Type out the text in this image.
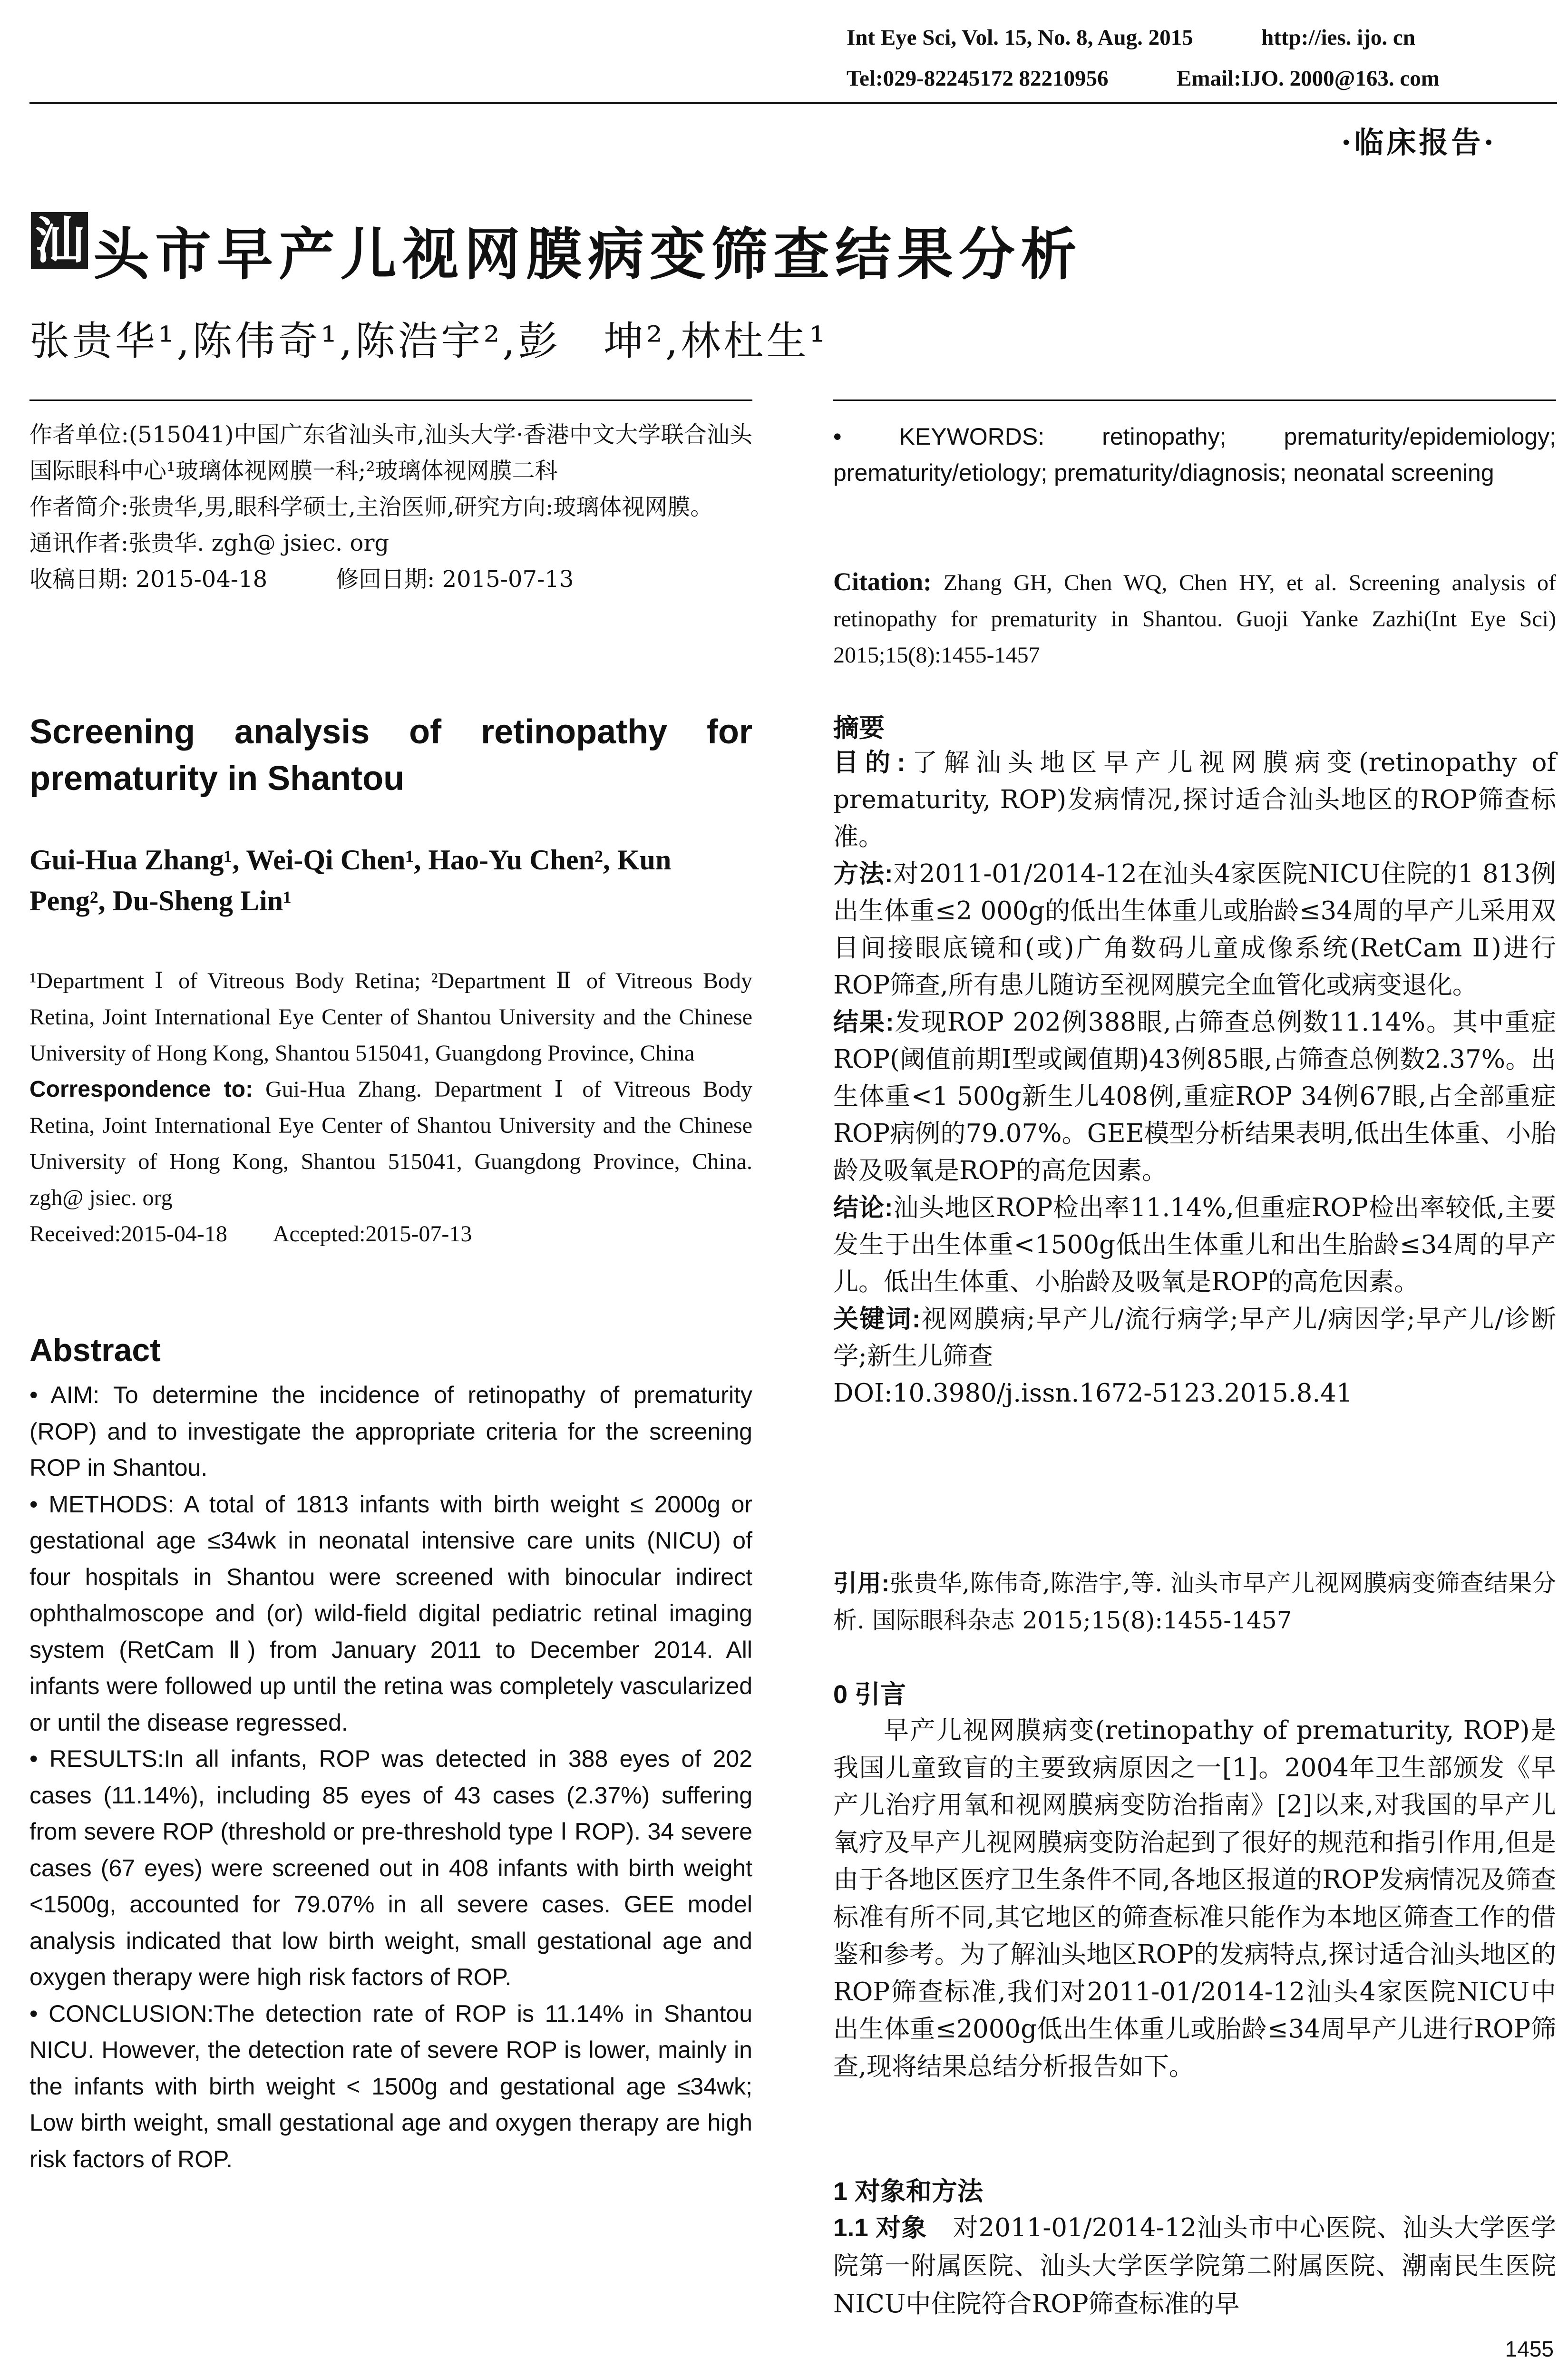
Int Eye Sci, Vol. 15, No. 8, Aug. 2015	http://ies. ijo. cn
Tel:029-82245172 82210956	Email:IJO. 2000@163. com
·临床报告·
汕 头市早产儿视网膜病变筛查结果分析
张贵华¹,陈伟奇¹,陈浩宇²,彭　坤²,林杜生¹

作者单位:(515041)中国广东省汕头市,汕头大学·香港中文大学联合汕头国际眼科中心¹玻璃体视网膜一科;²玻璃体视网膜二科

作者简介:张贵华,男,眼科学硕士,主治医师,研究方向:玻璃体视网膜。

通讯作者:张贵华. zgh@ jsiec. org

收稿日期: 2015-04-18　　　修回日期: 2015-07-13

Screening analysis of retinopathy for prematurity in Shantou
Gui-Hua Zhang¹, Wei-Qi Chen¹, Hao-Yu Chen², Kun Peng², Du-Sheng Lin¹
¹Department Ⅰ of Vitreous Body Retina; ²Department Ⅱ of Vitreous Body Retina, Joint International Eye Center of Shantou University and the Chinese University of Hong Kong, Shantou 515041, Guangdong Province, China
Correspondence to: Gui-Hua Zhang. Department Ⅰ of Vitreous Body Retina, Joint International Eye Center of Shantou University and the Chinese University of Hong Kong, Shantou 515041, Guangdong Province, China. zgh@ jsiec. org
Received:2015-04-18　　Accepted:2015-07-13
Abstract

• AIM: To determine the incidence of retinopathy of prematurity (ROP) and to investigate the appropriate criteria for the screening ROP in Shantou.

• METHODS: A total of 1813 infants with birth weight ≤ 2000g or gestational age ≤34wk in neonatal intensive care units (NICU) of four hospitals in Shantou were screened with binocular indirect ophthalmoscope and (or) wild-field digital pediatric retinal imaging system (RetCam Ⅱ) from January 2011 to December 2014. All infants were followed up until the retina was completely vascularized or until the disease regressed.

• RESULTS:In all infants, ROP was detected in 388 eyes of 202 cases (11.14%), including 85 eyes of 43 cases (2.37%) suffering from severe ROP (threshold or pre-threshold type Ⅰ ROP). 34 severe cases (67 eyes) were screened out in 408 infants with birth weight <1500g, accounted for 79.07% in all severe cases. GEE model analysis indicated that low birth weight, small gestational age and oxygen therapy were high risk factors of ROP.

• CONCLUSION:The detection rate of ROP is 11.14% in Shantou NICU. However, the detection rate of severe ROP is lower, mainly in the infants with birth weight < 1500g and gestational age ≤34wk; Low birth weight, small gestational age and oxygen therapy are high risk factors of ROP.

• KEYWORDS: retinopathy; prematurity/epidemiology; prematurity/etiology; prematurity/diagnosis; neonatal screening
Citation: Zhang GH, Chen WQ, Chen HY, et al. Screening analysis of retinopathy for prematurity in Shantou. Guoji Yanke Zazhi(Int Eye Sci) 2015;15(8):1455-1457
摘要

目的:了解汕头地区早产儿视网膜病变(retinopathy of prematurity, ROP)发病情况,探讨适合汕头地区的ROP筛查标准。

方法:对2011-01/2014-12在汕头4家医院NICU住院的1 813例出生体重≤2 000g的低出生体重儿或胎龄≤34周的早产儿采用双目间接眼底镜和(或)广角数码儿童成像系统(RetCam Ⅱ)进行ROP筛查,所有患儿随访至视网膜完全血管化或病变退化。

结果:发现ROP 202例388眼,占筛查总例数11.14%。其中重症ROP(阈值前期Ⅰ型或阈值期)43例85眼,占筛查总例数2.37%。出生体重<1 500g新生儿408例,重症ROP 34例67眼,占全部重症ROP病例的79.07%。GEE模型分析结果表明,低出生体重、小胎龄及吸氧是ROP的高危因素。

结论:汕头地区ROP检出率11.14%,但重症ROP检出率较低,主要发生于出生体重<1500g低出生体重儿和出生胎龄≤34周的早产儿。低出生体重、小胎龄及吸氧是ROP的高危因素。

关键词:视网膜病;早产儿/流行病学;早产儿/病因学;早产儿/诊断学;新生儿筛查

DOI:10.3980/j.issn.1672-5123.2015.8.41

引用:张贵华,陈伟奇,陈浩宇,等. 汕头市早产儿视网膜病变筛查结果分析. 国际眼科杂志 2015;15(8):1455-1457
0 引言

早产儿视网膜病变(retinopathy of prematurity, ROP)是我国儿童致盲的主要致病原因之一[1]。2004年卫生部颁发《早产儿治疗用氧和视网膜病变防治指南》[2]以来,对我国的早产儿氧疗及早产儿视网膜病变防治起到了很好的规范和指引作用,但是由于各地区医疗卫生条件不同,各地区报道的ROP发病情况及筛查标准有所不同,其它地区的筛查标准只能作为本地区筛查工作的借鉴和参考。为了解汕头地区ROP的发病特点,探讨适合汕头地区的ROP筛查标准,我们对2011-01/2014-12汕头4家医院NICU中出生体重≤2000g低出生体重儿或胎龄≤34周早产儿进行ROP筛查,现将结果总结分析报告如下。

1 对象和方法
1.1 对象　 对2011-01/2014-12汕头市中心医院、汕头大学医学院第一附属医院、汕头大学医学院第二附属医院、潮南民生医院NICU中住院符合ROP筛查标准的早
1455
